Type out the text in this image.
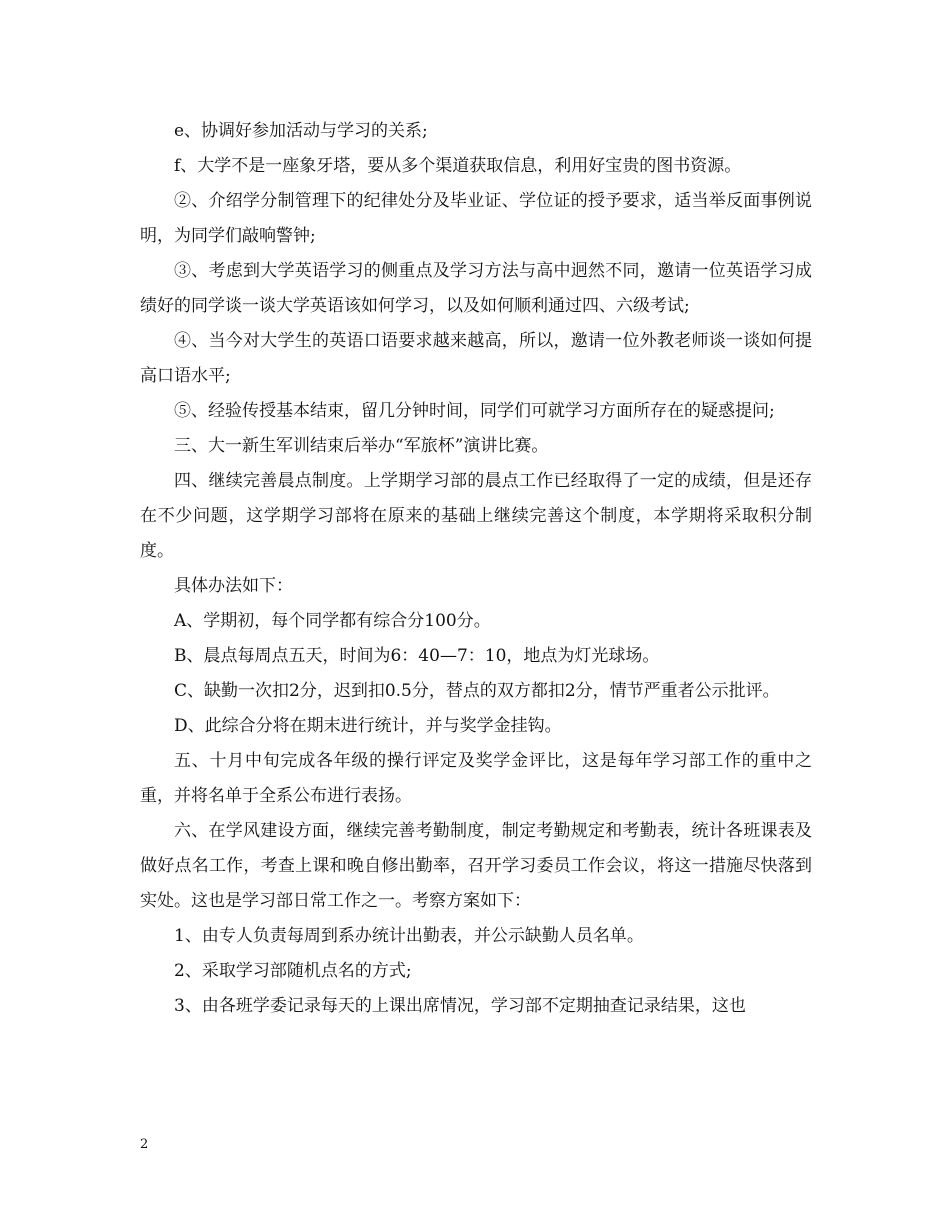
e、协调好参加活动与学习的关系;

f、大学不是一座象牙塔，要从多个渠道获取信息，利用好宝贵的图书资源。

②、介绍学分制管理下的纪律处分及毕业证、学位证的授予要求，适当举反面事例说明，为同学们敲响警钟;

③、考虑到大学英语学习的侧重点及学习方法与高中迥然不同，邀请一位英语学习成绩好的同学谈一谈大学英语该如何学习，以及如何顺利通过四、六级考试;

④、当今对大学生的英语口语要求越来越高，所以，邀请一位外教老师谈一谈如何提高口语水平;

⑤、经验传授基本结束，留几分钟时间，同学们可就学习方面所存在的疑惑提问;

三、大一新生军训结束后举办“军旅杯”演讲比赛。

四、继续完善晨点制度。上学期学习部的晨点工作已经取得了一定的成绩，但是还存在不少问题，这学期学习部将在原来的基础上继续完善这个制度，本学期将采取积分制度。

具体办法如下：

A、学期初，每个同学都有综合分100分。

B、晨点每周点五天，时间为6：40—7：10，地点为灯光球场。

C、缺勤一次扣2分，迟到扣0.5分，替点的双方都扣2分，情节严重者公示批评。

D、此综合分将在期末进行统计，并与奖学金挂钩。

五、十月中旬完成各年级的操行评定及奖学金评比，这是每年学习部工作的重中之重，并将名单于全系公布进行表扬。

六、在学风建设方面，继续完善考勤制度，制定考勤规定和考勤表，统计各班课表及做好点名工作，考查上课和晚自修出勤率，召开学习委员工作会议，将这一措施尽快落到实处。这也是学习部日常工作之一。考察方案如下：

1、由专人负责每周到系办统计出勤表，并公示缺勤人员名单。

2、采取学习部随机点名的方式;

3、由各班学委记录每天的上课出席情况，学习部不定期抽查记录结果，这也

2
